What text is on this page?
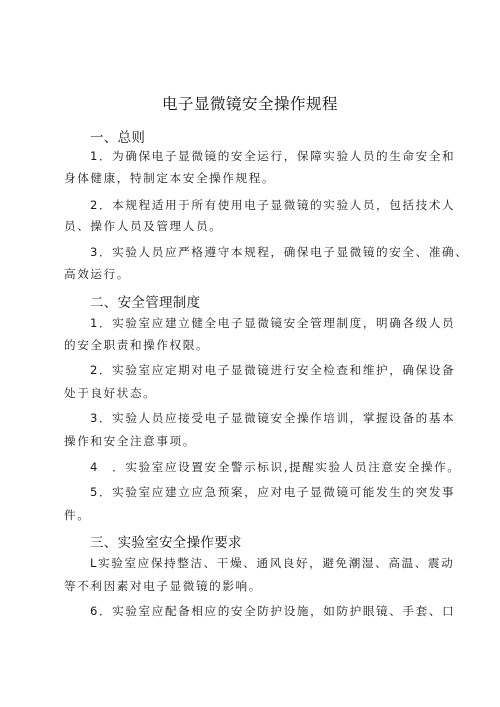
电子显微镜安全操作规程
一、总则
1．为确保电子显微镜的安全运行，保障实验人员的生命安全和
身体健康，特制定本安全操作规程。
2．本规程适用于所有使用电子显微镜的实验人员，包括技术人
员、操作人员及管理人员。
3．实验人员应严格遵守本规程，确保电子显微镜的安全、准确、
高效运行。
二、安全管理制度
1．实验室应建立健全电子显微镜安全管理制度，明确各级人员
的安全职责和操作权限。
2．实验室应定期对电子显微镜进行安全检查和维护，确保设备
处于良好状态。
3．实验人员应接受电子显微镜安全操作培训，掌握设备的基本
操作和安全注意事项。
4　．实验室应设置安全警示标识,提醒实验人员注意安全操作。
5．实验室应建立应急预案，应对电子显微镜可能发生的突发事
件。
三、实验室安全操作要求
L实验室应保持整洁、干燥、通风良好，避免潮湿、高温、震动
等不利因素对电子显微镜的影响。
6．实验室应配备相应的安全防护设施，如防护眼镜、手套、口
